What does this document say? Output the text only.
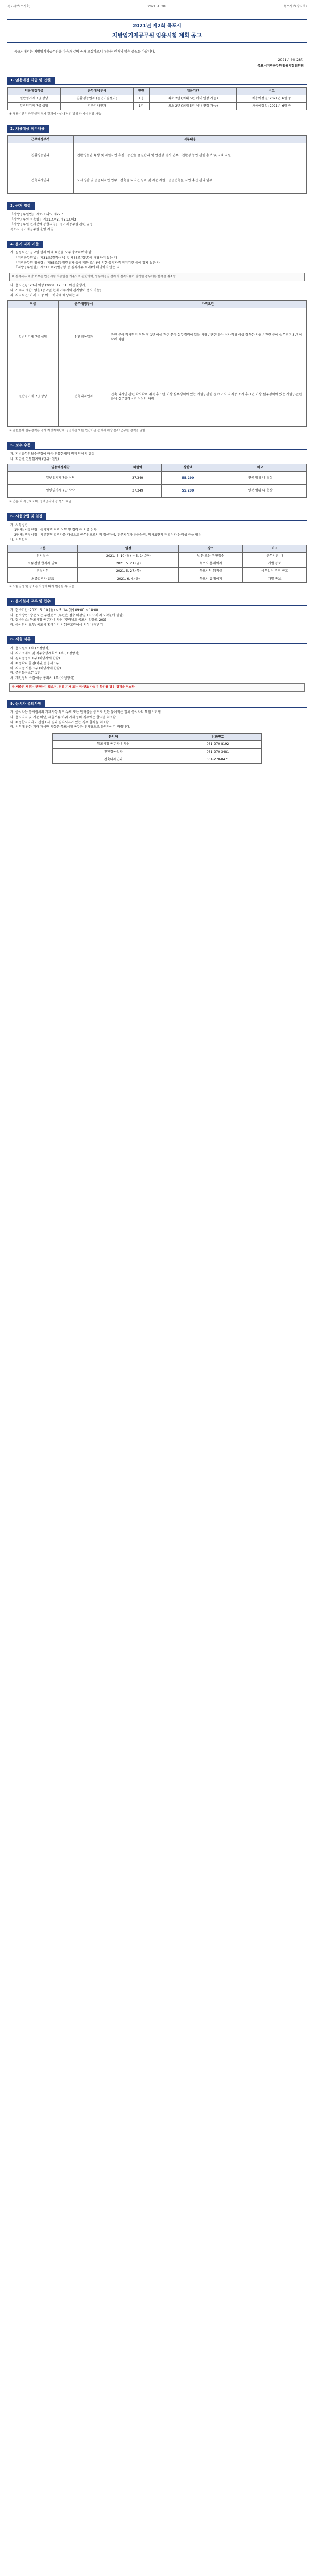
목포시보(수시호)	2021. 4. 28.	목포시보(수시호)
2021년 제2회 목포시
지방임기제공무원 임용시험 계획 공고

목포시에서는 지방임기제공무원을 다음과 같이 공개 모집하오니 유능한 인재의 많은 응모를 바랍니다.

2021년 4월 28일

목포시지방공무원임용시험위원회

1. 임용예정 직급 및 인원
임용예정직급	근무예정부서	인원	채용기간	비고
일반임기제 7급 상당	친환경농업과 (농업기술센터)	1명	최초 2년 (최대 5년 이내 연장 가능)	채용예정일: 2021년 6월 중
일반임기제 7급 상당	건축디자인과	1명	최초 2년 (최대 5년 이내 연장 가능)	채용예정일: 2021년 6월 중

※ 채용기간은 근무실적 평가 결과에 따라 5년의 범위 안에서 연장 가능

2. 채용대상 직무내용
근무예정부서	직무내용
친환경농업과	· 친환경농업 육성 및 지원사업 추진 · 농산물 품질관리 및 안전성 검사 업무 · 친환경 농업 관련 홍보 및 교육 지원
건축디자인과	· 도시경관 및 공공디자인 업무 · 건축물 디자인 심의 및 자문 지원 · 공공건축물 사업 추진 관리 업무
3. 근거 법령

「지방공무원법」 제25조의5, 제27조

「지방공무원 임용령」 제21조의2, 제21조의3

「지방공무원 인사분야 통합지침」 임기제공무원 관련 규정

목포시 임기제공무원 운영 지침

4. 응시 자격 기준

가. 공통요건: 공고일 현재 아래 요건을 모두 충족하여야 함

「지방공무원법」 제31조(결격사유) 및 제66조(정년)에 해당하지 않는 자

「지방공무원 임용령」 제65조(부정행위자 등에 대한 조치)에 의한 응시자격 정지기간 중에 있지 않은 자

「지방공무원법」 제31조의2(벌금형 등 결격사유 특례)에 해당하지 않는 자

※ 결격사유 해당 여부는 면접시험 최종일을 기준으로 판단하며, 임용예정일 전까지 결격사유가 발생한 경우에는 합격을 취소함

나. 응시연령: 20세 이상 (2001. 12. 31. 이전 출생자)

다. 거주지 제한: 없음 (공고일 현재 거주지와 관계없이 응시 가능)

라. 자격요건: 아래 표 중 어느 하나에 해당하는 자

직급	근무예정부서	자격요건
일반임기제 7급 상당	친환경농업과	관련 분야 학사학위 취득 후 1년 이상 관련 분야 실무경력이 있는 사람 / 관련 분야 석사학위 이상 취득한 사람 / 관련 분야 실무경력 3년 이상인 사람
일반임기제 7급 상당	건축디자인과	건축·디자인 관련 학사학위 취득 후 1년 이상 실무경력이 있는 사람 / 관련 분야 기사 자격증 소지 후 1년 이상 실무경력이 있는 사람 / 관련 분야 실무경력 4년 이상인 사람

※ 관련분야 실무경력은 국가·지방자치단체·공공기관 또는 민간기관 등에서 해당 분야 근무한 경력을 말함

5. 보수 수준

가. 지방공무원보수규정에 따라 연봉한계액 범위 안에서 결정

나. 직급별 연봉한계액 (단위: 천원)

임용예정직급	하한액	상한액	비고
일반임기제 7급 상당	37,349	55,290	연봉 범위 내 협상
일반임기제 7급 상당	37,349	55,290	연봉 범위 내 협상

※ 연봉 외 직급보조비, 정액급식비 등 별도 지급

6. 시험방법 및 일정

가. 시험방법

1단계: 서류전형 - 응시자격 적격 여부 및 경력 등 서류 심사

2단계: 면접시험 - 서류전형 합격자를 대상으로 공무원으로서의 정신자세, 전문지식과 응용능력, 의사표현의 정확성과 논리성 등을 평정

나. 시험일정

구분	일정	장소	비고
원서접수	2021. 5. 10.(월) ~ 5. 14.(금)	방문 또는 우편접수	근무시간 내
서류전형 합격자 발표	2021. 5. 21.(금)	목포시 홈페이지	개별 통보
면접시험	2021. 5. 27.(목)	목포시청 회의실	세부일정 추후 공고
최종합격자 발표	2021. 6. 4.(금)	목포시 홈페이지	개별 통보

※ 시험일정 및 장소는 사정에 따라 변경될 수 있음

7. 응시원서 교부 및 접수

가. 접수기간: 2021. 5. 10.(월) ~ 5. 14.(금) 09:00 ~ 18:00

나. 접수방법: 방문 또는 우편접수 (우편은 접수 마감일 18:00까지 도착분에 한함)

다. 접수장소: 목포시청 총무과 인사팀 (전라남도 목포시 양을로 203)

라. 응시원서 교부: 목포시 홈페이지 시험공고란에서 서식 내려받기

8. 제출 서류

가. 응시원서 1부 (소정양식)

나. 자기소개서 및 직무수행계획서 1부 (소정양식)

다. 경력증명서 1부 (해당자에 한함)

라. 최종학력 졸업(학위)증명서 1부

마. 자격증 사본 1부 (해당자에 한함)

바. 주민등록초본 1부

사. 개인정보 수집·이용 동의서 1부 (소정양식)

※ 제출된 서류는 반환하지 않으며, 허위 기재 또는 위·변조 사실이 확인될 경우 합격을 취소함

9. 응시자 유의사항

가. 응시자는 응시원서의 기재사항 착오·누락 또는 연락불능 등으로 인한 불이익은 일체 응시자의 책임으로 함

나. 응시자격 및 기준 미달, 제출서류 허위 기재 등의 경우에는 합격을 취소함

다. 최종합격자라도 신원조사 결과 결격사유가 있는 경우 합격을 취소함

라. 시험에 관한 기타 자세한 사항은 목포시청 총무과 인사팀으로 문의하시기 바랍니다.

문의처	전화번호
목포시청 총무과 인사팀	061-270-8192
친환경농업과	061-270-3481
건축디자인과	061-270-8471
